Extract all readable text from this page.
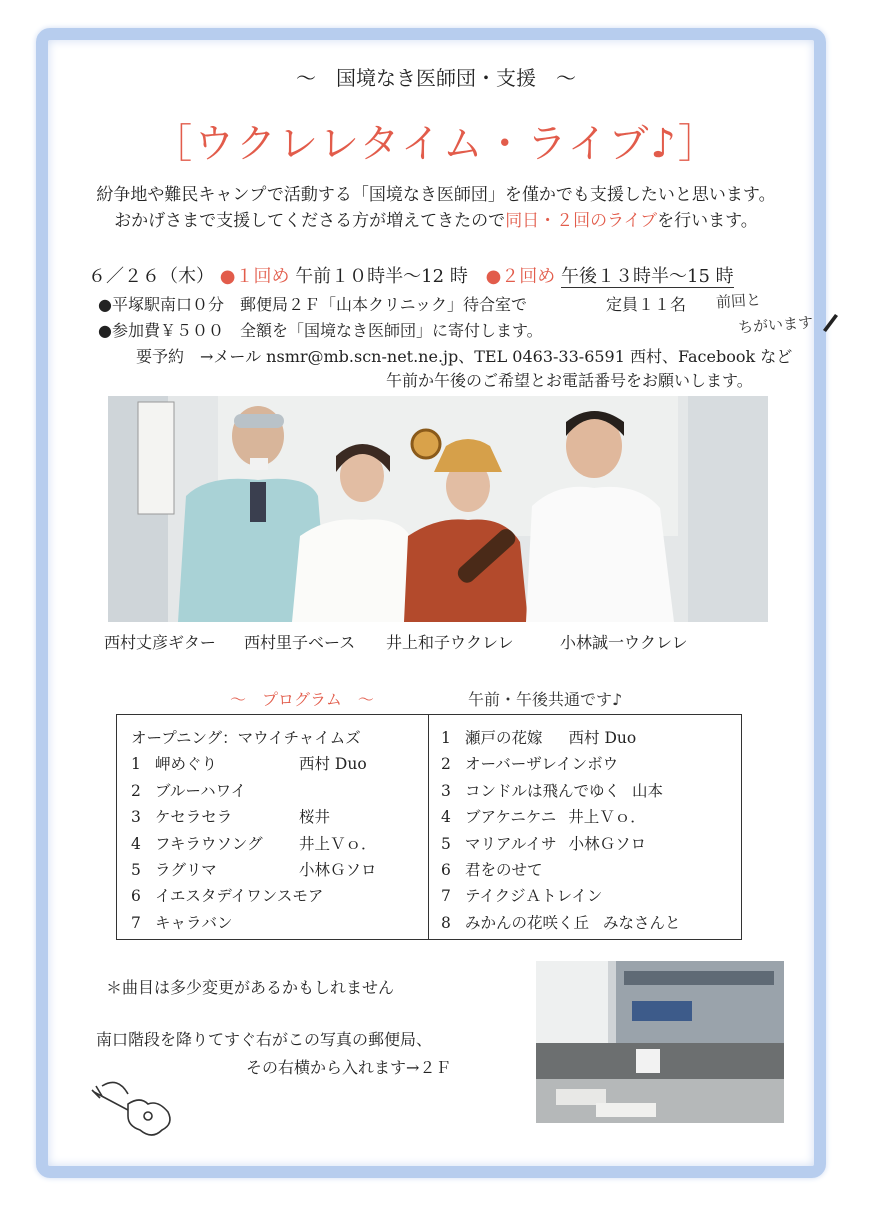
～　国境なき医師団・支援　～
［ウクレレタイム・ライブ♪］
紛争地や難民キャンプで活動する「国境なき医師団」を僅かでも支援したいと思います。
おかげさまで支援してくださる方が増えてきたので同日・２回のライブを行います。
６／２６（木） ●１回め 午前１０時半～12 時 ●２回め 午後１３時半～15 時
●平塚駅南口０分　郵便局２Ｆ「山本クリニック」待合室で	定員１１名 前回と
ちがいます
●参加費￥５００　全額を「国境なき医師団」に寄付します。
要予約　→メール nsmr@mb.scn-net.ne.jp、TEL 0463-33-6591 西村、Facebook など
午前か午後のご希望とお電話番号をお願いします。
西村丈彦ギター 西村里子ベース 井上和子ウクレレ	小林誠一ウクレレ
～　プログラム　～	午前・午後共通です♪
オープニング：マウイチャイムズ
1 岬めぐり	西村 Duo
2 ブルーハワイ
3 ケセラセラ	桜井
4 フキラウソング 井上Ｖｏ．
5 ラグリマ	小林Ｇソロ
6 イエスタデイワンスモア
7 キャラバン
1 瀬戸の花嫁 西村 Duo
2 オーバーザレインボウ
3 コンドルは飛んでゆく 山本
4 ブアケニケニ 井上Ｖｏ．
5 マリアルイサ 小林Ｇソロ
6 君をのせて
7 テイクジＡトレイン
8 みかんの花咲く丘 みなさんと
＊曲目は多少変更があるかもしれません
南口階段を降りてすぐ右がこの写真の郵便局、
その右横から入れます→２Ｆ
